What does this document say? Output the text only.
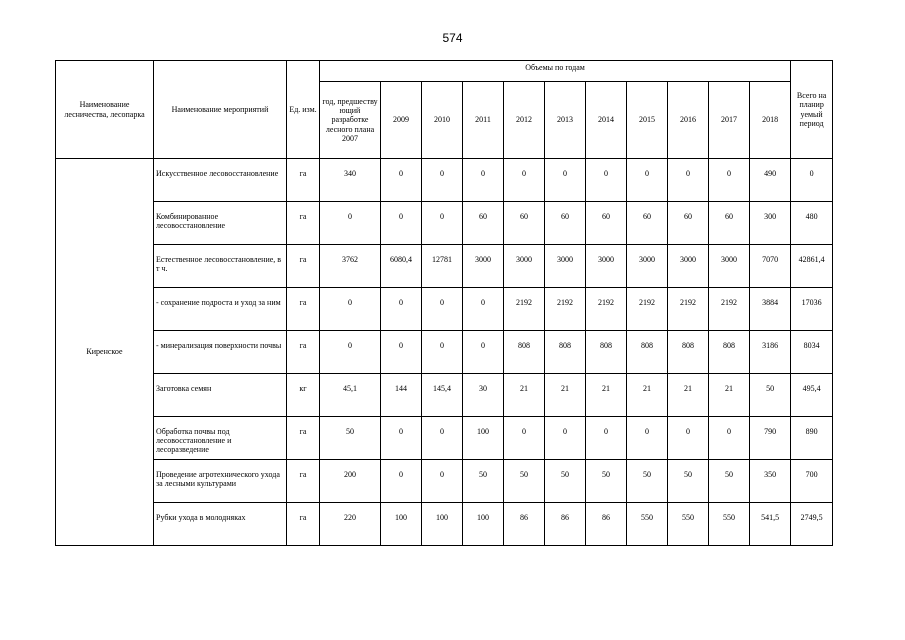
574
Наименование лесничества, лесопарка	Наименование мероприятий	Ед. изм.	Объемы по годам											Всего на планир уемый период
			год, предшеству ющий разработке лесного плана 2007	2009	2010	2011	2012	2013	2014	2015	2016	2017	2018	
Киренское	Искусственное лесовосстановление	га	340	0	0	0	0	0	0	0	0	0	490	0
	Комбинированное лесовосстановление	га	0	0	0	60	60	60	60	60	60	60	300	480
	Естественное лесовосстановление, в т ч.	га	3762	6080,4	12781	3000	3000	3000	3000	3000	3000	3000	7070	42861,4
	- сохранение подроста и уход за ним	га	0	0	0	0	2192	2192	2192	2192	2192	2192	3884	17036
	- минерализация поверхности почвы	га	0	0	0	0	808	808	808	808	808	808	3186	8034
	Заготовка семян	кг	45,1	144	145,4	30	21	21	21	21	21	21	50	495,4
	Обработка почвы под лесовосстановление и лесоразведение	га	50	0	0	100	0	0	0	0	0	0	790	890
	Проведение агротехнического ухода за лесными культурами	га	200	0	0	50	50	50	50	50	50	50	350	700
	Рубки ухода в молодняках	га	220	100	100	100	86	86	86	550	550	550	541,5	2749,5
